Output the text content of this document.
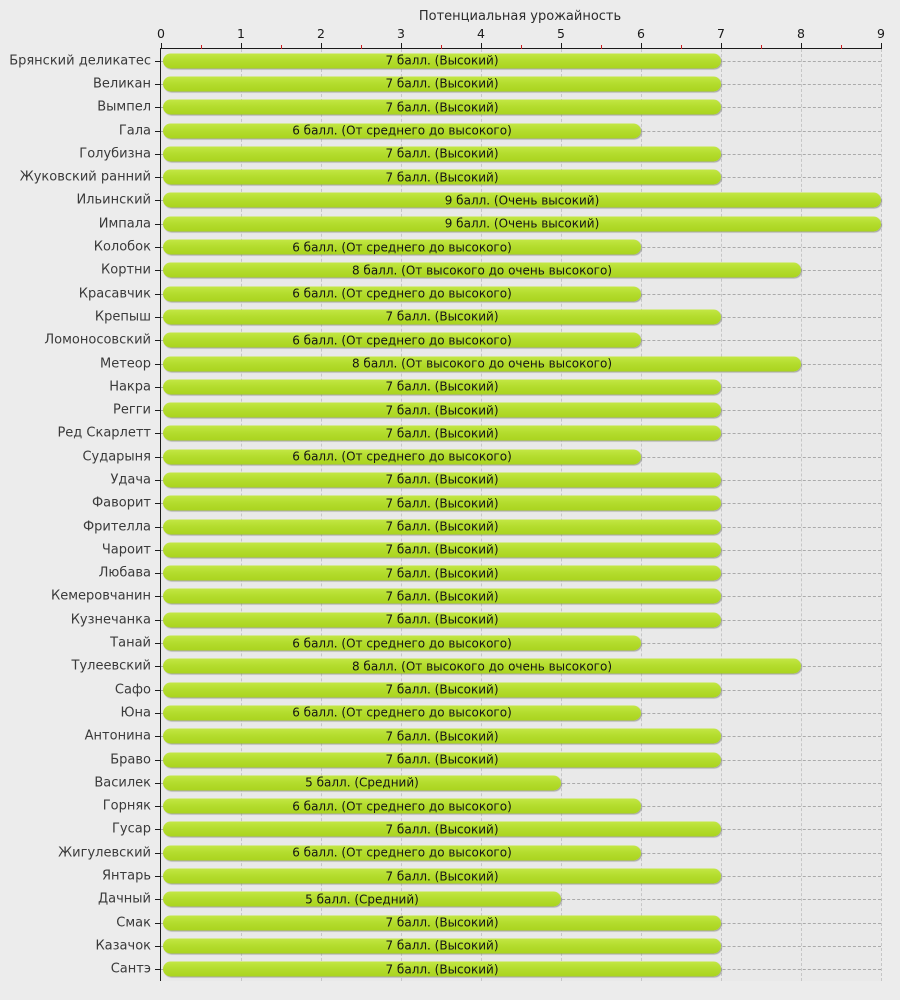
Потенциальная урожайность
0	1	2	3	4	5	6	7	8	9
Брянский деликатес	7 балл. (Высокий)
Великан	7 балл. (Высокий)
Вымпел	7 балл. (Высокий)
Гала	6 балл. (От среднего до высокого)
Голубизна	7 балл. (Высокий)
Жуковский ранний	7 балл. (Высокий)
Ильинский	9 балл. (Очень высокий)
Импала	9 балл. (Очень высокий)
Колобок	6 балл. (От среднего до высокого)
Кортни	8 балл. (От высокого до очень высокого)
Красавчик	6 балл. (От среднего до высокого)
Крепыш	7 балл. (Высокий)
Ломоносовский	6 балл. (От среднего до высокого)
Метеор	8 балл. (От высокого до очень высокого)
Накра	7 балл. (Высокий)
Регги	7 балл. (Высокий)
Ред Скарлетт	7 балл. (Высокий)
Сударыня	6 балл. (От среднего до высокого)
Удача	7 балл. (Высокий)
Фаворит	7 балл. (Высокий)
Фрителла	7 балл. (Высокий)
Чароит	7 балл. (Высокий)
Любава	7 балл. (Высокий)
Кемеровчанин	7 балл. (Высокий)
Кузнечанка	7 балл. (Высокий)
Танай	6 балл. (От среднего до высокого)
Тулеевский	8 балл. (От высокого до очень высокого)
Сафо	7 балл. (Высокий)
Юна	6 балл. (От среднего до высокого)
Антонина	7 балл. (Высокий)
Браво	7 балл. (Высокий)
Василек	5 балл. (Средний)
Горняк	6 балл. (От среднего до высокого)
Гусар	7 балл. (Высокий)
Жигулевский	6 балл. (От среднего до высокого)
Янтарь	7 балл. (Высокий)
Дачный	5 балл. (Средний)
Смак	7 балл. (Высокий)
Казачок	7 балл. (Высокий)
Сантэ	7 балл. (Высокий)
